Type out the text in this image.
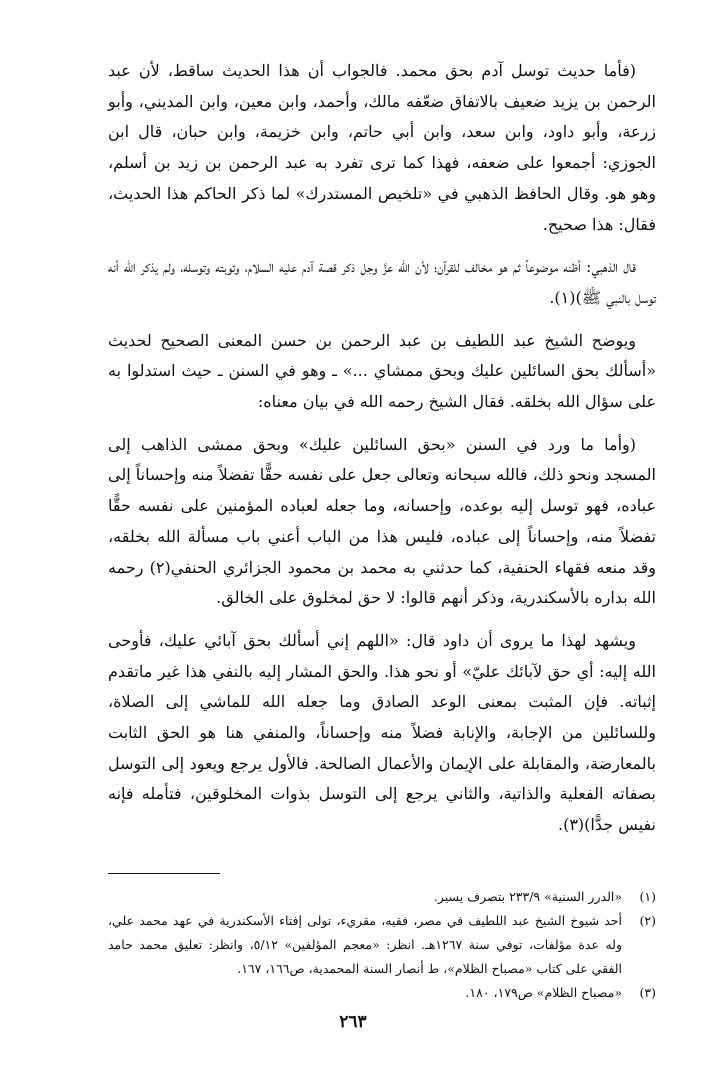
(فأما حديث توسل آدم بحق محمد. فالجواب أن هذا الحديث ساقط، لأن عبد الرحمن بن يزيد ضعيف بالاتفاق ضعّفه مالك، وأحمد، وابن معين، وابن المديني، وأبو زرعة، وأبو داود، وابن سعد، وابن أبي حاتم، وابن خزيمة، وابن حبان، قال ابن الجوزي: أجمعوا على ضعفه، فهذا كما ترى تفرد به عبد الرحمن بن زيد بن أسلم، وهو هو. وقال الحافظ الذهبي في «تلخيص المستدرك» لما ذكر الحاكم هذا الحديث، فقال: هذا صحيح.

قال الذهبي: أظنه موضوعاً ثم هو مخالف للقرآن؛ لأن الله عزَّ وجل ذكر قصة آدم عليه السلام، وتوبته وتوسله، ولم يذكر الله أنه توسل بالنبي ﷺ)(١).

ويوضح الشيخ عبد اللطيف بن عبد الرحمن بن حسن المعنى الصحيح لحديث «أسألك بحق السائلين عليك وبحق ممشاي ...» ـ وهو في السنن ـ حيث استدلوا به على سؤال الله بخلقه. فقال الشيخ رحمه الله في بيان معناه:

(وأما ما ورد في السنن «بحق السائلين عليك» وبحق ممشى الذاهب إلى المسجد ونحو ذلك، فالله سبحانه وتعالى جعل على نفسه حقًّا تفضلاً منه وإحساناً إلى عباده، فهو توسل إليه بوعده، وإحسانه، وما جعله لعباده المؤمنين على نفسه حقًّا تفضلاً منه، وإحساناً إلى عباده، فليس هذا من الباب أعني باب مسألة الله بخلقه، وقد منعه فقهاء الحنفية، كما حدثني به محمد بن محمود الجزائري الحنفي(٢) رحمه الله بداره بالأسكندرية، وذكر أنهم قالوا: لا حق لمخلوق على الخالق.

ويشهد لهذا ما يروى أن داود قال: «اللهم إني أسألك بحق آبائي عليك، فأوحى الله إليه: أي حق لآبائك عليّ» أو نحو هذا. والحق المشار إليه بالنفي هذا غير ماتقدم إثباته. فإن المثبت بمعنى الوعد الصادق وما جعله الله للماشي إلى الصلاة، وللسائلين من الإجابة، والإنابة فضلاً منه وإحساناً، والمنفي هنا هو الحق الثابت بالمعارضة، والمقابلة على الإيمان والأعمال الصالحة. فالأول يرجع ويعود إلى التوسل بصفاته الفعلية والذاتية، والثاني يرجع إلى التوسل بذوات المخلوقين، فتأمله فإنه نفيس جدًّا)(٣).

(١)
«الدرر السنية» ٢٣٣/٩ بتصرف يسير.
(٢)
أحد شيوخ الشيخ عبد اللطيف في مصر، فقيه، مقريء، تولى إفتاء الأسكندرية في عهد محمد علي، وله عدة مؤلفات، توفي سنة ١٢٦٧هـ. انظر: «معجم المؤلفين» ٥/١٢، وانظر: تعليق محمد حامد الفقي على كتاب «مصباح الظلام»، ط أنصار السنة المحمدية، ص١٦٦، ١٦٧.
(٣)
«مصباح الظلام» ص١٧٩، ١٨٠.
٢٦٣
